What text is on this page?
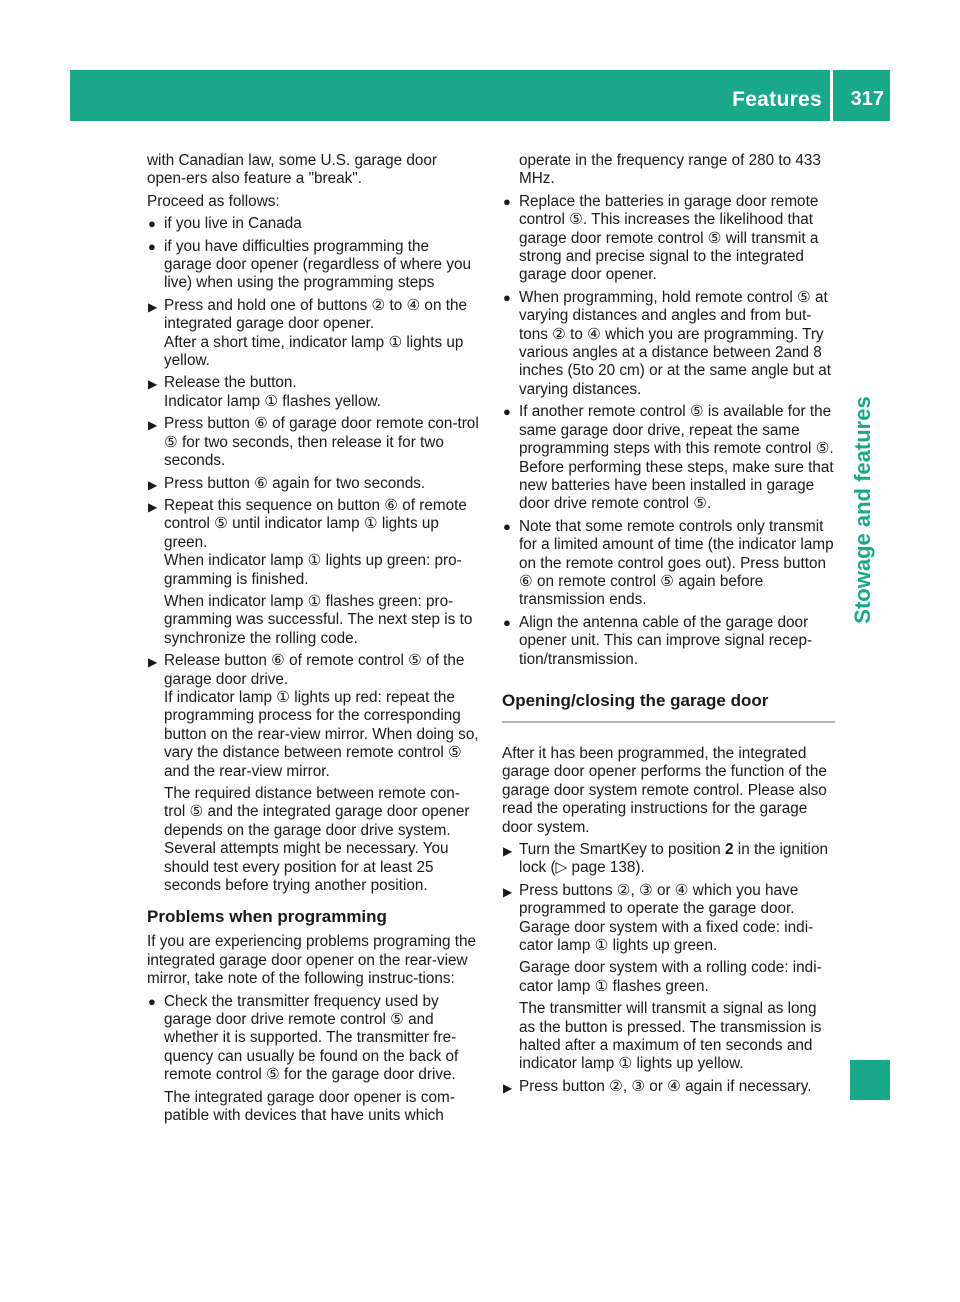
Features 317
Stowage and features

with Canadian law, some U.S. garage door open-ers also feature a "break".

Proceed as follows:

● if you live in Canada
● if you have difficulties programming the garage door opener (regardless of where you live) when using the programming steps
▶ Press and hold one of buttons ② to ④ on the integrated garage door opener.
After a short time, indicator lamp ① lights up yellow.
▶ Release the button.
Indicator lamp ① flashes yellow.
▶ Press button ⑥ of garage door remote con-trol ⑤ for two seconds, then release it for two seconds.
▶ Press button ⑥ again for two seconds.
▶ Repeat this sequence on button ⑥ of remote control ⑤ until indicator lamp ① lights up green.
When indicator lamp ① lights up green: pro-gramming is finished.

When indicator lamp ① flashes green: pro-gramming was successful. The next step is to synchronize the rolling code.

▶ Release button ⑥ of remote control ⑤ of the garage door drive.
If indicator lamp ① lights up red: repeat the programming process for the corresponding button on the rear-view mirror. When doing so, vary the distance between remote control ⑤ and the rear-view mirror.

The required distance between remote con-trol ⑤ and the integrated garage door opener depends on the garage door drive system. Several attempts might be necessary. You should test every position for at least 25 seconds before trying another position.

Problems when programming

If you are experiencing problems programing the integrated garage door opener on the rear-view mirror, take note of the following instruc-tions:

● Check the transmitter frequency used by garage door drive remote control ⑤ and whether it is supported. The transmitter fre-quency can usually be found on the back of remote control ⑤ for the garage door drive.

The integrated garage door opener is com-patible with devices that have units which

operate in the frequency range of 280 to 433 MHz.

● Replace the batteries in garage door remote control ⑤. This increases the likelihood that garage door remote control ⑤ will transmit a strong and precise signal to the integrated garage door opener.
● When programming, hold remote control ⑤ at varying distances and angles and from but-tons ② to ④ which you are programming. Try various angles at a distance between 2and 8 inches (5to 20 cm) or at the same angle but at varying distances.
● If another remote control ⑤ is available for the same garage door drive, repeat the same programming steps with this remote control ⑤. Before performing these steps, make sure that new batteries have been installed in garage door drive remote control ⑤.
● Note that some remote controls only transmit for a limited amount of time (the indicator lamp on the remote control goes out). Press button ⑥ on remote control ⑤ again before transmission ends.
● Align the antenna cable of the garage door opener unit. This can improve signal recep-tion/transmission.
Opening/closing the garage door

After it has been programmed, the integrated garage door opener performs the function of the garage door system remote control. Please also read the operating instructions for the garage door system.

▶ Turn the SmartKey to position 2 in the ignition lock (▷ page 138).
▶ Press buttons ②, ③ or ④ which you have programmed to operate the garage door.
Garage door system with a fixed code: indi-cator lamp ① lights up green.

Garage door system with a rolling code: indi-cator lamp ① flashes green.

The transmitter will transmit a signal as long as the button is pressed. The transmission is halted after a maximum of ten seconds and indicator lamp ① lights up yellow.

▶ Press button ②, ③ or ④ again if necessary.
